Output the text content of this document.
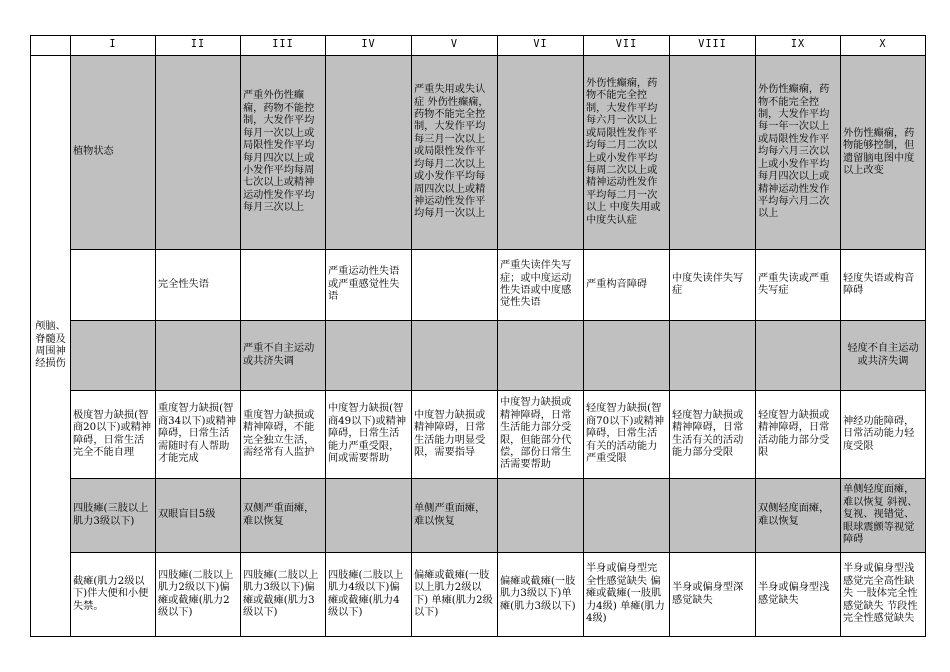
	I	II	III	IV	V	VI	VII	VIII	IX	X
颅脑、脊髓及周围神经损伤	植物状态		严重外伤性癫痫，药物不能控制，大发作平均每月一次以上或局限性发作平均每月四次以上或小发作平均每周七次以上或精神运动性发作平均每月三次以上		严重失用或失认症 外伤性癫痫，药物不能完全控制，大发作平均每三月一次以上或局限性发作平均每月二次以上或小发作平均每周四次以上或精神运动性发作平均每月一次以上		外伤性癫痫，药物不能完全控制，大发作平均每六月一次以上或局限性发作平均每二月二次以上或小发作平均每周二次以上或精神运动性发作平均每二月一次以上 中度失用或中度失认症		外伤性癫痫，药物不能完全控制，大发作平均每一年一次以上或局限性发作平均每六月三次以上或小发作平均每月四次以上或精神运动性发作平均每六月二次以上	外伤性癫痫，药物能够控制，但遗留脑电图中度以上改变
		完全性失语		严重运动性失语或严重感觉性失语		严重失读伴失写症；或中度运动性失语或中度感觉性失语	严重构音障碍	中度失读伴失写症	严重失读或严重失写症	轻度失语或构音障碍
			严重不自主运动或共济失调							轻度不自主运动或共济失调
	极度智力缺损(智商20以下)或精神障碍，日常生活完全不能自理	重度智力缺损(智商34以下)或精神障碍，日常生活需随时有人帮助才能完成	重度智力缺损或精神障碍，不能完全独立生活，需经常有人监护	中度智力缺损(智商49以下)或精神障碍，日常生活能力严重受限，间或需要帮助	中度智力缺损或精神障碍，日常生活能力明显受限，需要指导	中度智力缺损或精神障碍，日常生活能力部分受限，但能部分代偿，部份日常生活需要帮助	轻度智力缺损(智商70以下)或精神障碍，日常生活有关的活动能力严重受限	轻度智力缺损或精神障碍，日常生活有关的活动能力部分受限	轻度智力缺损或精神障碍，日常活动能力部分受限	神经功能障碍，日常活动能力轻度受限
	四肢瘫(三肢以上肌力3级以下)	双眼盲目5级	双侧严重面瘫，难以恢复		单侧严重面瘫，难以恢复				双侧轻度面瘫，难以恢复	单侧轻度面瘫，难以恢复 斜视、复视、视错觉、眼球震颤等视觉障碍
	截瘫(肌力2级以下)伴大便和小便失禁。	四肢瘫(二肢以上肌力2级以下)偏瘫或截瘫(肌力2级以下)	四肢瘫(二肢以上肌力3级以下)偏瘫或截瘫(肌力3级以下)	四肢瘫(二肢以上肌力4级以下)偏瘫或截瘫(肌力4级以下)	偏瘫或截瘫(一肢以上肌力2级以下) 单瘫(肌力2级以下)	偏瘫或截瘫(一肢肌力3级以下)单瘫(肌力3级以下)	半身或偏身型完全性感觉缺失 偏瘫或截瘫(一肢肌力4级) 单瘫(肌力4级)	半身或偏身型深感觉缺失	半身或偏身型浅感觉缺失	半身或偏身型浅感觉完全高性缺失 一肢体完全性感觉缺失 节段性完全性感觉缺失
